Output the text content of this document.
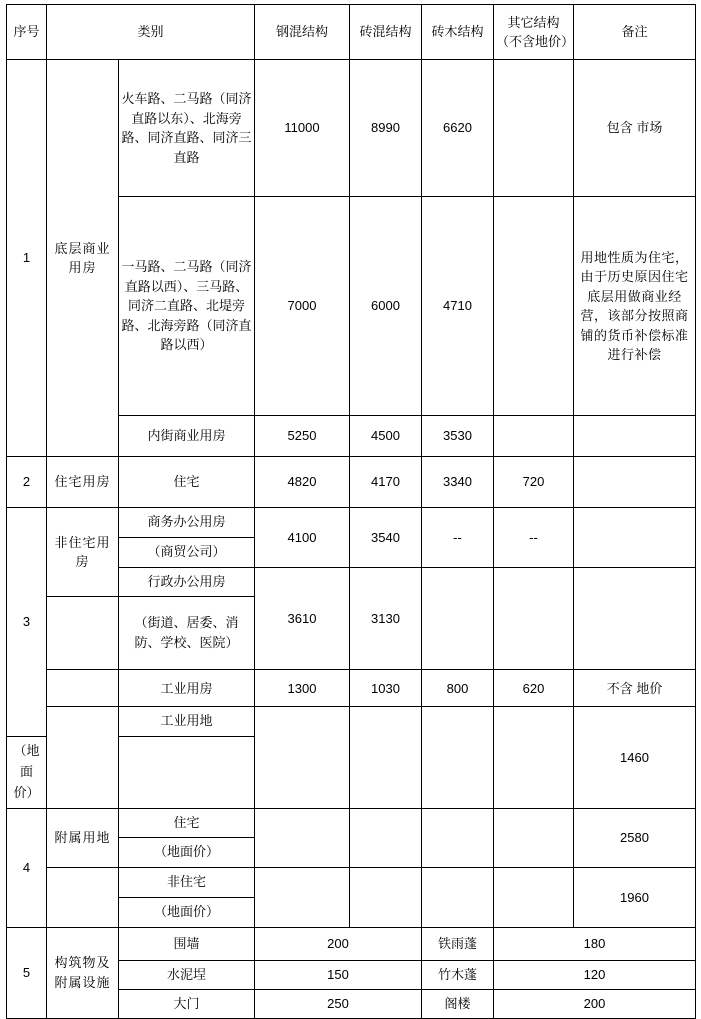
序号	类别		钢混结构	砖混结构	砖木结构	其它结构（不含地价）	备注
1	底层商业用房	火车路、二马路（同济直路以东）、北海旁路、同济直路、同济三直路	11000	8990	6620		包含 市场
		一马路、二马路（同济直路以西）、三马路、同济二直路、北堤旁路、北海旁路（同济直路以西）	7000	6000	4710		用地性质为住宅，由于历史原因住宅底层用做商业经营，该部分按照商铺的货币补偿标准进行补偿
		内街商业用房	5250	4500	3530		
2	住宅用房	住宅	4820	4170	3340	720	
3	非住宅用房	商务办公用房	4100	3540	--	--	
		（商贸公司）					
		行政办公用房	3610	3130			
		（街道、居委、消防、学校、医院）					
		工业用房	1300	1030	800	620	不含 地价
		工业用地					1460
（地面价）							
4	附属用地	住宅					2580
		（地面价）					
		非住宅					1960
		（地面价）					
5	构筑物及附属设施	围墙	200		铁雨蓬	180	
		水泥埕	150		竹木蓬	120	
		大门	250		阁楼	200	
